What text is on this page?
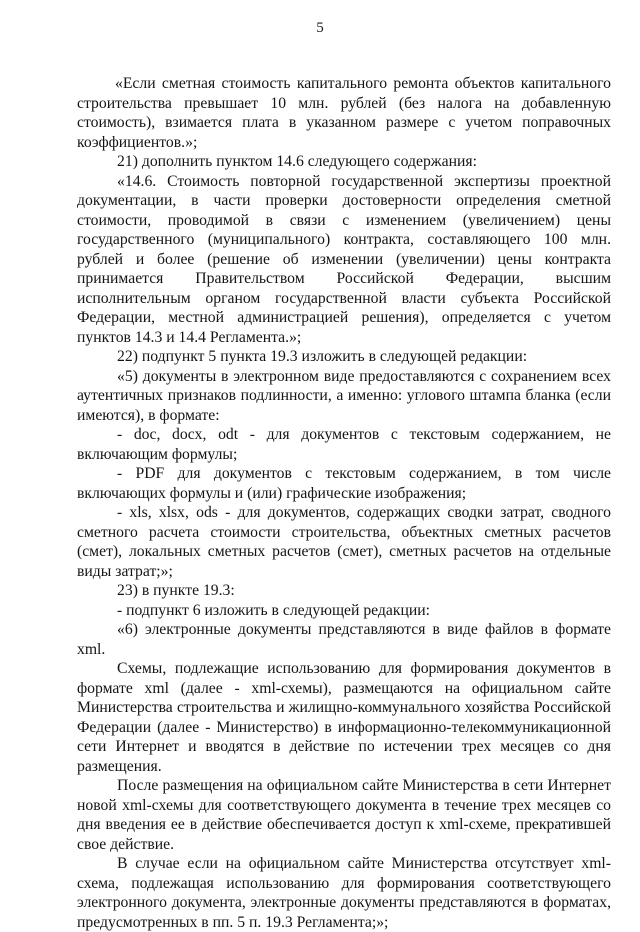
5

«Если сметная стоимость капитального ремонта объектов капитального строительства превышает 10 млн. рублей (без налога на добавленную стоимость), взимается плата в указанном размере с учетом поправочных коэффициентов.»;

21) дополнить пунктом 14.6 следующего содержания:

«14.6. Стоимость повторной государственной экспертизы проектной документации, в части проверки достоверности определения сметной стоимости, проводимой в связи с изменением (увеличением) цены государственного (муниципального) контракта, составляющего 100 млн. рублей и более (решение об изменении (увеличении) цены контракта принимается Правительством Российской Федерации, высшим исполнительным органом государственной власти субъекта Российской Федерации, местной администрацией решения), определяется с учетом пунктов 14.3 и 14.4 Регламента.»;

22) подпункт 5 пункта 19.3 изложить в следующей редакции:

«5) документы в электронном виде предоставляются с сохранением всех аутентичных признаков подлинности, а именно: углового штампа бланка (если имеются), в формате:

- doc, docx, odt - для документов с текстовым содержанием, не включающим формулы;

- PDF для документов с текстовым содержанием, в том числе включающих формулы и (или) графические изображения;

- xls, xlsx, ods - для документов, содержащих сводки затрат, сводного сметного расчета стоимости строительства, объектных сметных расчетов (смет), локальных сметных расчетов (смет), сметных расчетов на отдельные виды затрат;»;

23) в пункте 19.3:

- подпункт 6 изложить в следующей редакции:

«6) электронные документы представляются в виде файлов в формате xml.

Схемы, подлежащие использованию для формирования документов в формате xml (далее - xml-схемы), размещаются на официальном сайте Министерства строительства и жилищно-коммунального хозяйства Российской Федерации (далее - Министерство) в информационно-телекоммуникационной сети Интернет и вводятся в действие по истечении трех месяцев со дня размещения.

После размещения на официальном сайте Министерства в сети Интернет новой xml-схемы для соответствующего документа в течение трех месяцев со дня введения ее в действие обеспечивается доступ к xml-схеме, прекратившей свое действие.

В случае если на официальном сайте Министерства отсутствует xml-схема, подлежащая использованию для формирования соответствующего электронного документа, электронные документы представляются в форматах, предусмотренных в пп. 5 п. 19.3 Регламента;»;
